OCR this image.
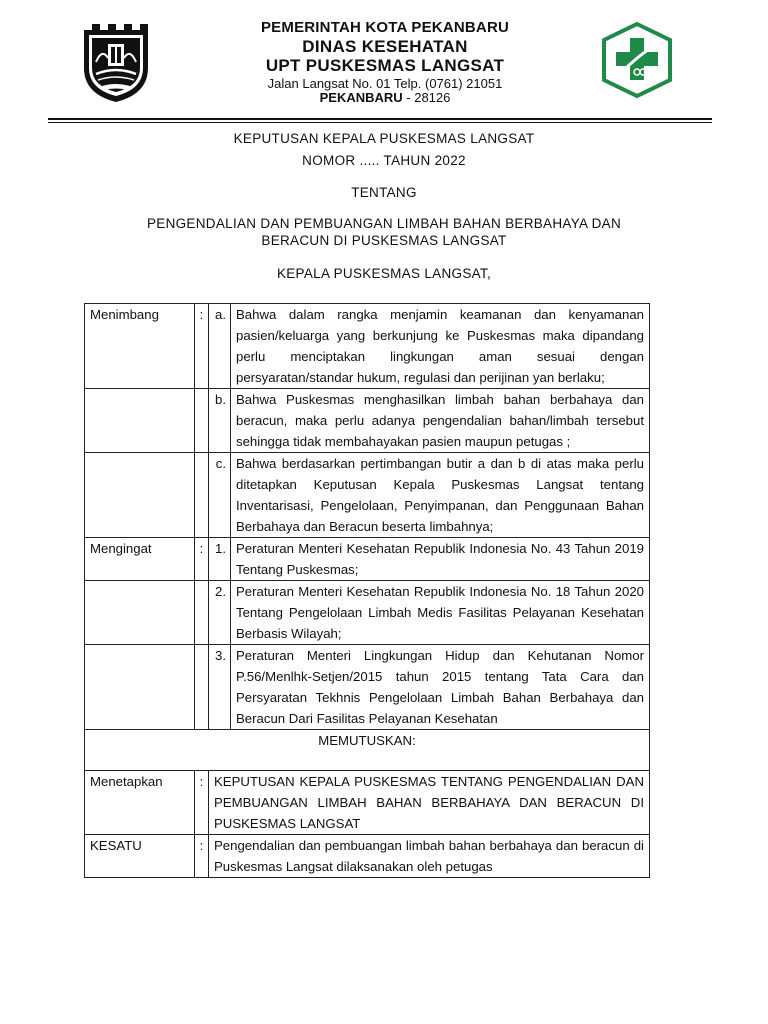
PEMERINTAH KOTA PEKANBARU
DINAS KESEHATAN
UPT PUSKESMAS LANGSAT
Jalan Langsat No. 01 Telp. (0761) 21051
PEKANBARU - 28126
KEPUTUSAN KEPALA PUSKESMAS LANGSAT
NOMOR ..... TAHUN 2022
TENTANG
PENGENDALIAN DAN PEMBUANGAN LIMBAH BAHAN BERBAHAYA DAN
BERACUN DI PUSKESMAS LANGSAT
KEPALA PUSKESMAS LANGSAT,
Menimbang	:	a.	Bahwa dalam rangka menjamin keamanan dan kenyamanan pasien/keluarga yang berkunjung ke Puskesmas maka dipandang perlu menciptakan lingkungan aman sesuai dengan persyaratan/standar hukum, regulasi dan perijinan yan berlaku;
		b.	Bahwa Puskesmas menghasilkan limbah bahan berbahaya dan beracun, maka perlu adanya pengendalian bahan/limbah tersebut sehingga tidak membahayakan pasien maupun petugas ;
		c.	Bahwa berdasarkan pertimbangan butir a dan b di atas maka perlu ditetapkan Keputusan Kepala Puskesmas Langsat tentang Inventarisasi, Pengelolaan, Penyimpanan, dan Penggunaan Bahan Berbahaya dan Beracun beserta limbahnya;
Mengingat	:	1.	Peraturan Menteri Kesehatan Republik Indonesia No. 43 Tahun 2019 Tentang Puskesmas;
		2.	Peraturan Menteri Kesehatan Republik Indonesia No. 18 Tahun 2020 Tentang Pengelolaan Limbah Medis Fasilitas Pelayanan Kesehatan Berbasis Wilayah;
		3.	Peraturan Menteri Lingkungan Hidup dan Kehutanan Nomor P.56/Menlhk-Setjen/2015 tahun 2015 tentang Tata Cara dan Persyaratan Tekhnis Pengelolaan Limbah Bahan Berbahaya dan Beracun Dari Fasilitas Pelayanan Kesehatan
MEMUTUSKAN:			
Menetapkan	:	KEPUTUSAN KEPALA PUSKESMAS TENTANG PENGENDALIAN DAN PEMBUANGAN LIMBAH BAHAN BERBAHAYA DAN BERACUN DI PUSKESMAS LANGSAT	
KESATU	:	Pengendalian dan pembuangan limbah bahan berbahaya dan beracun di Puskesmas Langsat dilaksanakan oleh petugas	
